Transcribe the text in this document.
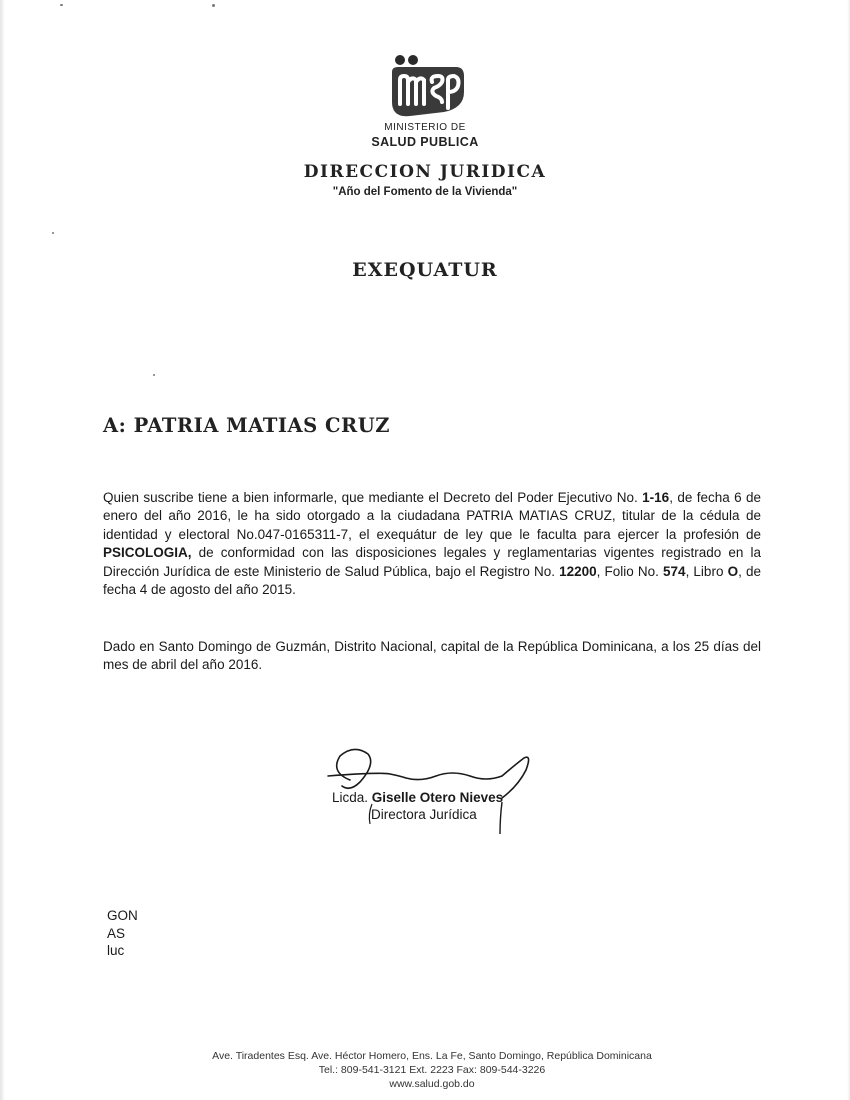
MINISTERIO DE
SALUD PUBLICA
DIRECCION JURIDICA
"Año del Fomento de la Vivienda"
EXEQUATUR
A: PATRIA MATIAS CRUZ
Quien suscribe tiene a bien informarle, que mediante el Decreto del Poder Ejecutivo No. 1-16, de fecha 6 de enero del año 2016, le ha sido otorgado a la ciudadana PATRIA MATIAS CRUZ, titular de la cédula de identidad y electoral No.047-0165311-7, el exequátur de ley que le faculta para ejercer la profesión de PSICOLOGIA, de conformidad con las disposiciones legales y reglamentarias vigentes registrado en la Dirección Jurídica de este Ministerio de Salud Pública, bajo el Registro No. 12200, Folio No. 574, Libro O, de fecha 4 de agosto del año 2015.
Dado en Santo Domingo de Guzmán, Distrito Nacional, capital de la República Dominicana, a los 25 días del mes de abril del año 2016.
Licda. Giselle Otero Nieves
Directora Jurídica
GON
AS
luc
Ave. Tiradentes Esq. Ave. Héctor Homero, Ens. La Fe, Santo Domingo, República Dominicana
Tel.: 809-541-3121 Ext. 2223 Fax: 809-544-3226
www.salud.gob.do
